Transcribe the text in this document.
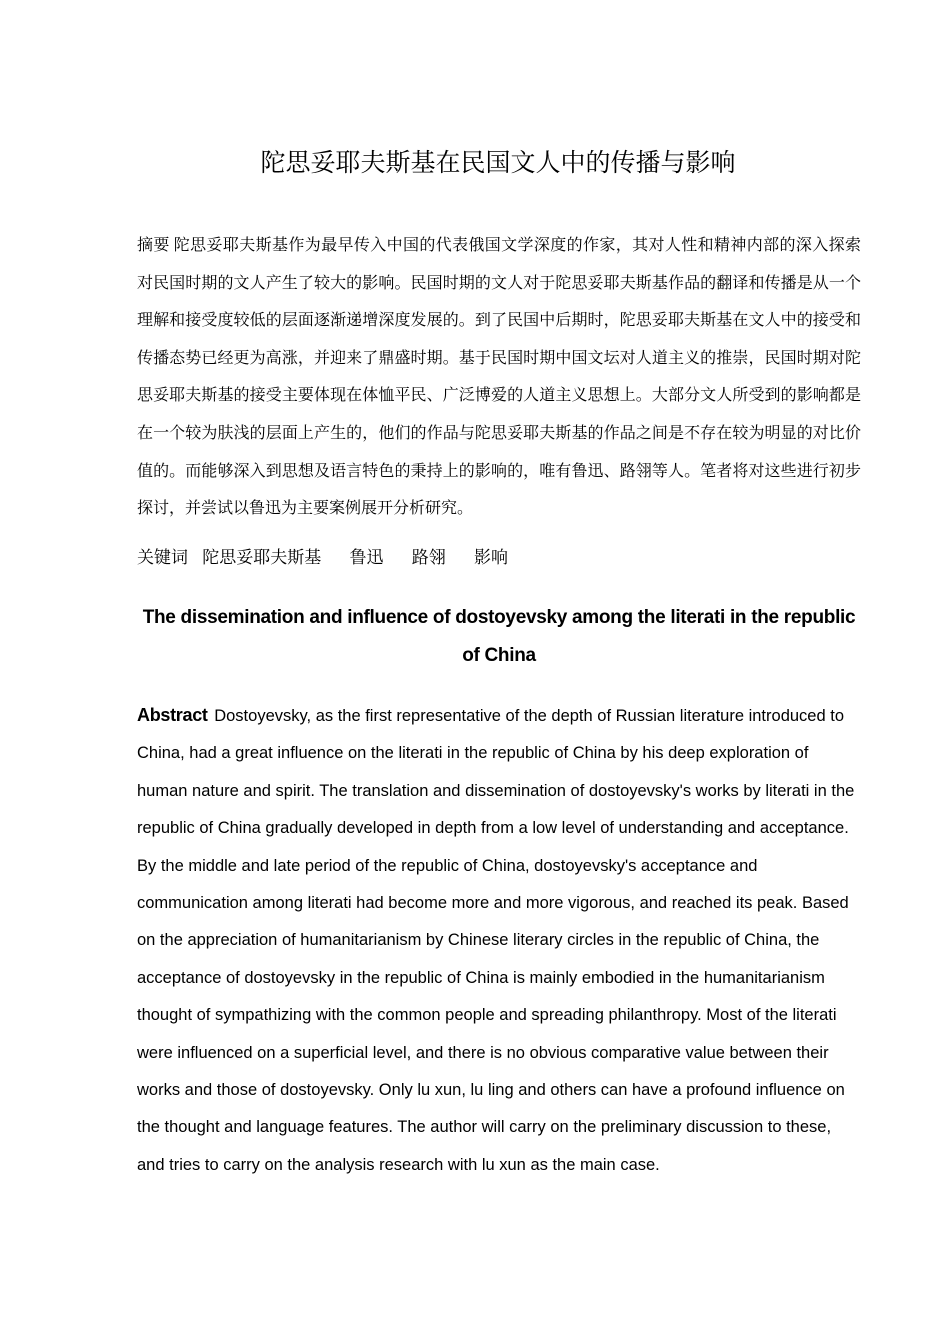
陀思妥耶夫斯基在民国文人中的传播与影响
摘要 陀思妥耶夫斯基作为最早传入中国的代表俄国文学深度的作家，其对人性和精神内部的深入探索对民国时期的文人产生了较大的影响。民国时期的文人对于陀思妥耶夫斯基作品的翻译和传播是从一个理解和接受度较低的层面逐渐递增深度发展的。到了民国中后期时，陀思妥耶夫斯基在文人中的接受和传播态势已经更为高涨，并迎来了鼎盛时期。基于民国时期中国文坛对人道主义的推崇，民国时期对陀思妥耶夫斯基的接受主要体现在体恤平民、广泛博爱的人道主义思想上。大部分文人所受到的影响都是在一个较为肤浅的层面上产生的，他们的作品与陀思妥耶夫斯基的作品之间是不存在较为明显的对比价值的。而能够深入到思想及语言特色的秉持上的影响的，唯有鲁迅、路翎等人。笔者将对这些进行初步探讨，并尝试以鲁迅为主要案例展开分析研究。
关键词 陀思妥耶夫斯基 鲁迅 路翎 影响
The dissemination and influence of dostoyevsky among the literati in the republic of China
Abstract Dostoyevsky, as the first representative of the depth of Russian literature introduced to China, had a great influence on the literati in the republic of China by his deep exploration of human nature and spirit. The translation and dissemination of dostoyevsky's works by literati in the republic of China gradually developed in depth from a low level of understanding and acceptance. By the middle and late period of the republic of China, dostoyevsky's acceptance and communication among literati had become more and more vigorous, and reached its peak. Based on the appreciation of humanitarianism by Chinese literary circles in the republic of China, the acceptance of dostoyevsky in the republic of China is mainly embodied in the humanitarianism thought of sympathizing with the common people and spreading philanthropy. Most of the literati were influenced on a superficial level, and there is no obvious comparative value between their works and those of dostoyevsky. Only lu xun, lu ling and others can have a profound influence on the thought and language features. The author will carry on the preliminary discussion to these, and tries to carry on the analysis research with lu xun as the main case.
